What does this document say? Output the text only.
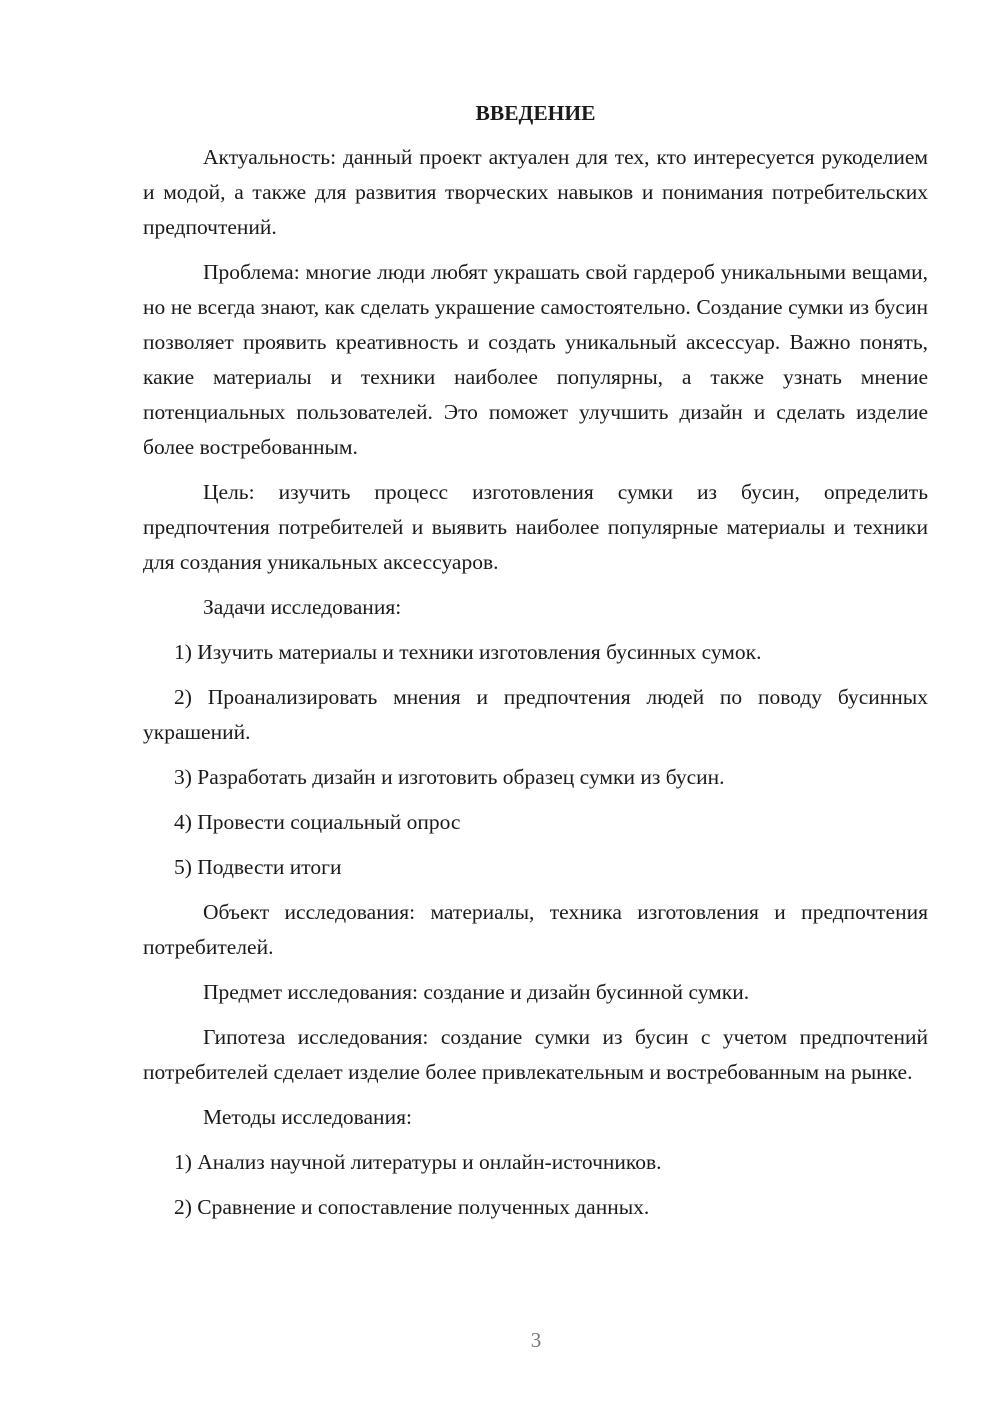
ВВЕДЕНИЕ
Актуальность: данный проект актуален для тех, кто интересуется рукоделием и модой, а также для развития творческих навыков и понимания потребительских предпочтений.
Проблема: многие люди любят украшать свой гардероб уникальными вещами, но не всегда знают, как сделать украшение самостоятельно. Создание сумки из бусин позволяет проявить креативность и создать уникальный аксессуар. Важно понять, какие материалы и техники наиболее популярны, а также узнать мнение потенциальных пользователей. Это поможет улучшить дизайн и сделать изделие более востребованным.
Цель: изучить процесс изготовления сумки из бусин, определить предпочтения потребителей и выявить наиболее популярные материалы и техники для создания уникальных аксессуаров.
Задачи исследования:
1) Изучить материалы и техники изготовления бусинных сумок.
2) Проанализировать мнения и предпочтения людей по поводу бусинных украшений.
3) Разработать дизайн и изготовить образец сумки из бусин.
4) Провести социальный опрос
5) Подвести итоги
Объект исследования: материалы, техника изготовления и предпочтения потребителей.
Предмет исследования: создание и дизайн бусинной сумки.
Гипотеза исследования: создание сумки из бусин с учетом предпочтений потребителей сделает изделие более привлекательным и востребованным на рынке.
Методы исследования:
1) Анализ научной литературы и онлайн-источников.
2) Сравнение и сопоставление полученных данных.
3
